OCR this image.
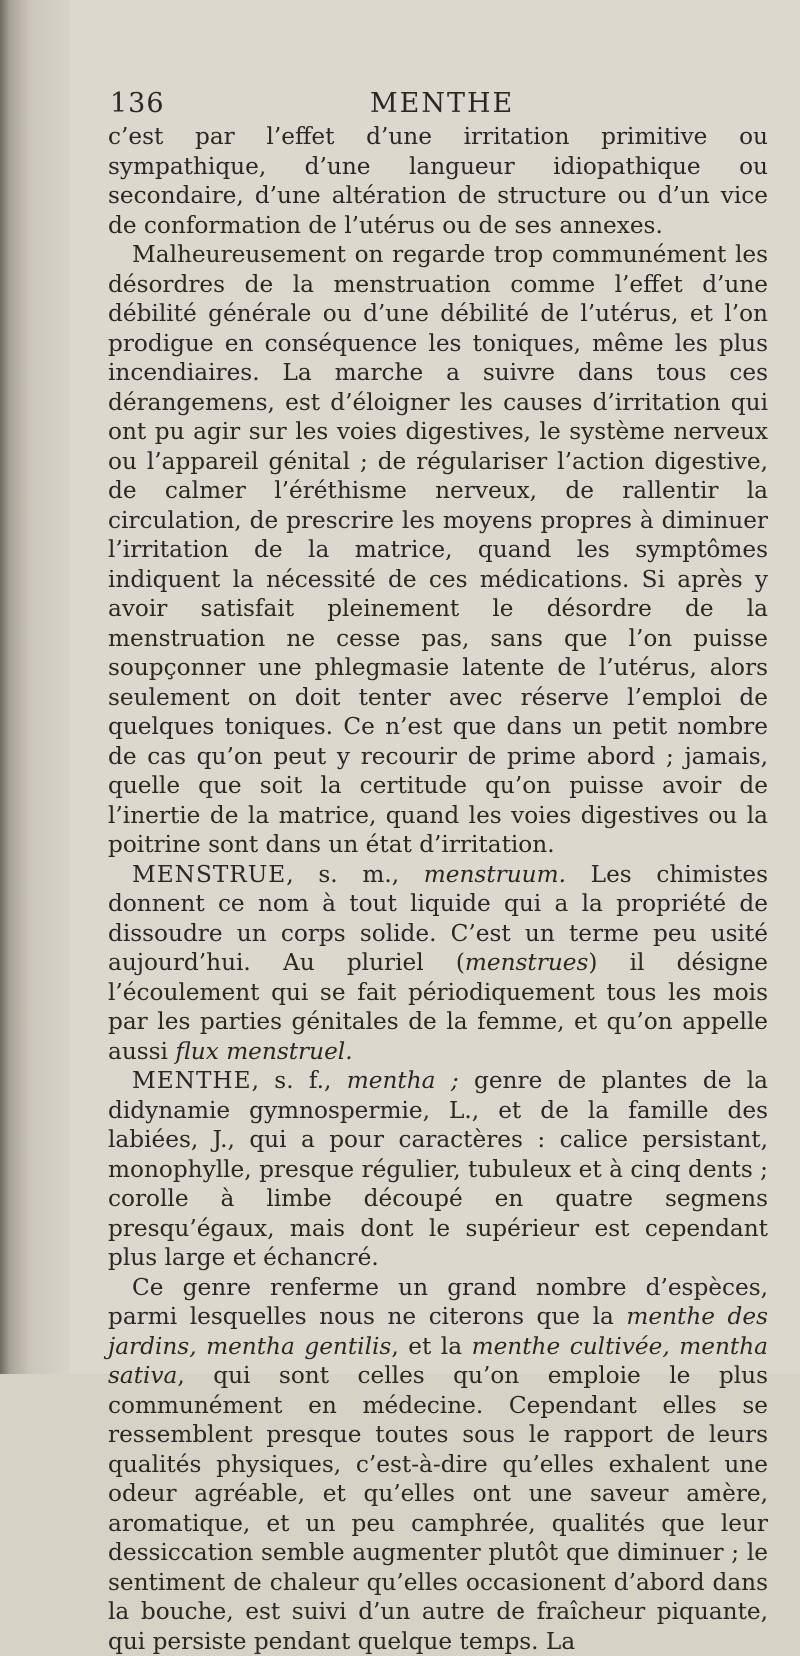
136	MENTHE

c’est par l’effet d’une irritation primitive ou sympathique, d’une langueur idiopathique ou secondaire, d’une altération de structure ou d’un vice de conformation de l’utérus ou de ses annexes.

Malheureusement on regarde trop communément les désordres de la menstruation comme l’effet d’une débilité générale ou d’une débilité de l’utérus, et l’on prodigue en conséquence les toniques, même les plus incendiaires. La marche a suivre dans tous ces dérangemens, est d’éloigner les causes d’irritation qui ont pu agir sur les voies digestives, le système nerveux ou l’appareil génital ; de régulariser l’action digestive, de calmer l’éréthisme nerveux, de rallentir la circulation, de prescrire les moyens propres à diminuer l’irritation de la matrice, quand les symptômes indiquent la nécessité de ces médications. Si après y avoir satisfait pleinement le désordre de la menstruation ne cesse pas, sans que l’on puisse soupçonner une phlegmasie latente de l’utérus, alors seulement on doit tenter avec réserve l’emploi de quelques toniques. Ce n’est que dans un petit nombre de cas qu’on peut y recourir de prime abord ; jamais, quelle que soit la certitude qu’on puisse avoir de l’inertie de la matrice, quand les voies digestives ou la poitrine sont dans un état d’irritation.

MENSTRUE, s. m., menstruum. Les chimistes donnent ce nom à tout liquide qui a la propriété de dissoudre un corps solide. C’est un terme peu usité aujourd’hui. Au pluriel (menstrues) il désigne l’écoulement qui se fait périodiquement tous les mois par les parties génitales de la femme, et qu’on appelle aussi flux menstruel.

MENTHE, s. f., mentha ; genre de plantes de la didynamie gymnospermie, L., et de la famille des labiées, J., qui a pour caractères : calice persistant, monophylle, presque régulier, tubuleux et à cinq dents ; corolle à limbe découpé en quatre segmens presqu’égaux, mais dont le supérieur est cependant plus large et échancré.

Ce genre renferme un grand nombre d’espèces, parmi lesquelles nous ne citerons que la menthe des jardins, mentha gentilis, et la menthe cultivée, mentha sativa, qui sont celles qu’on emploie le plus communément en médecine. Cependant elles se ressemblent presque toutes sous le rapport de leurs qualités physiques, c’est-à-dire qu’elles exhalent une odeur agréable, et qu’elles ont une saveur amère, aromatique, et un peu camphrée, qualités que leur dessiccation semble augmenter plutôt que diminuer ; le sentiment de chaleur qu’elles occasionent d’abord dans la bouche, est suivi d’un autre de fraîcheur piquante, qui persiste pendant quelque temps. La
